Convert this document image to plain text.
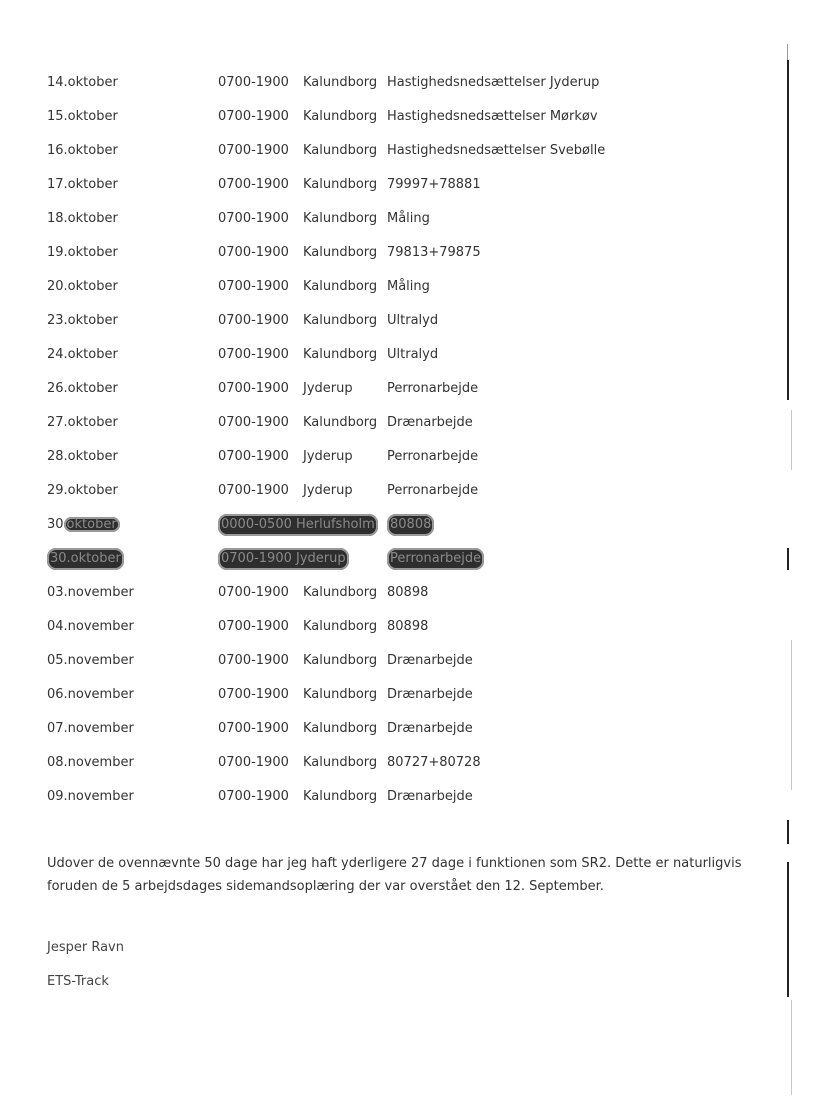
14.oktober	0700-1900 Kalundborg Hastighedsnedsættelser Jyderup
15.oktober	0700-1900 Kalundborg Hastighedsnedsættelser Mørkøv
16.oktober	0700-1900 Kalundborg Hastighedsnedsættelser Svebølle
17.oktober	0700-1900 Kalundborg 79997+78881
18.oktober	0700-1900 Kalundborg Måling
19.oktober	0700-1900 Kalundborg 79813+79875
20.oktober	0700-1900 Kalundborg Måling
23.oktober	0700-1900 Kalundborg Ultralyd
24.oktober	0700-1900 Kalundborg Ultralyd
26.oktober	0700-1900 Jyderup	Perronarbejde
27.oktober	0700-1900 Kalundborg Drænarbejde
28.oktober	0700-1900 Jyderup	Perronarbejde
29.oktober	0700-1900 Jyderup	Perronarbejde
30 oktober	0000-0500 Herlufsholm 80808
30.oktober	0700-1900 Jyderup	Perronarbejde
03.november	0700-1900 Kalundborg 80898
04.november	0700-1900 Kalundborg 80898
05.november	0700-1900 Kalundborg Drænarbejde
06.november	0700-1900 Kalundborg Drænarbejde
07.november	0700-1900 Kalundborg Drænarbejde
08.november	0700-1900 Kalundborg 80727+80728
09.november	0700-1900 Kalundborg Drænarbejde

Udover de ovennævnte 50 dage har jeg haft yderligere 27 dage i funktionen som SR2. Dette er naturligvis foruden de 5 arbejdsdages sidemandsoplæring der var overstået den 12. September.

Jesper Ravn
ETS-Track
